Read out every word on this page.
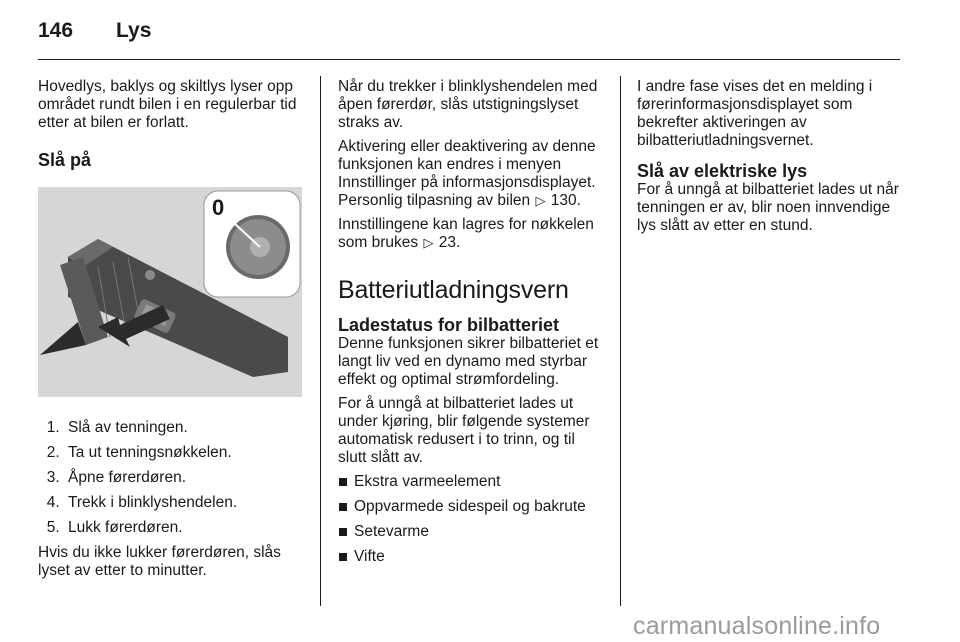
146 Lys

Hovedlys, baklys og skiltlys lyser opp området rundt bilen i en regulerbar tid etter at bilen er forlatt.

Slå på
0
1. Slå av tenningen.
2. Ta ut tenningsnøkkelen.
3. Åpne førerdøren.
4. Trekk i blinklyshendelen.
5. Lukk førerdøren.

Hvis du ikke lukker førerdøren, slås lyset av etter to minutter.

Når du trekker i blinklyshendelen med åpen førerdør, slås utstigningslyset straks av.

Aktivering eller deaktivering av denne funksjonen kan endres i menyen Innstillinger på informasjonsdisplayet. Personlig tilpasning av bilen ▷ 130.

Innstillingene kan lagres for nøkkelen som brukes ▷ 23.

Batteriutladningsvern
Ladestatus for bilbatteriet

Denne funksjonen sikrer bilbatteriet et langt liv ved en dynamo med styrbar effekt og optimal strømfordeling.

For å unngå at bilbatteriet lades ut under kjøring, blir følgende systemer automatisk redusert i to trinn, og til slutt slått av.

Ekstra varmeelement
Oppvarmede sidespeil og bakrute
Setevarme
Vifte

I andre fase vises det en melding i førerinformasjonsdisplayet som bekrefter aktiveringen av bilbatteriutladningsvernet.

Slå av elektriske lys

For å unngå at bilbatteriet lades ut når tenningen er av, blir noen innvendige lys slått av etter en stund.

carmanualsonline.info
